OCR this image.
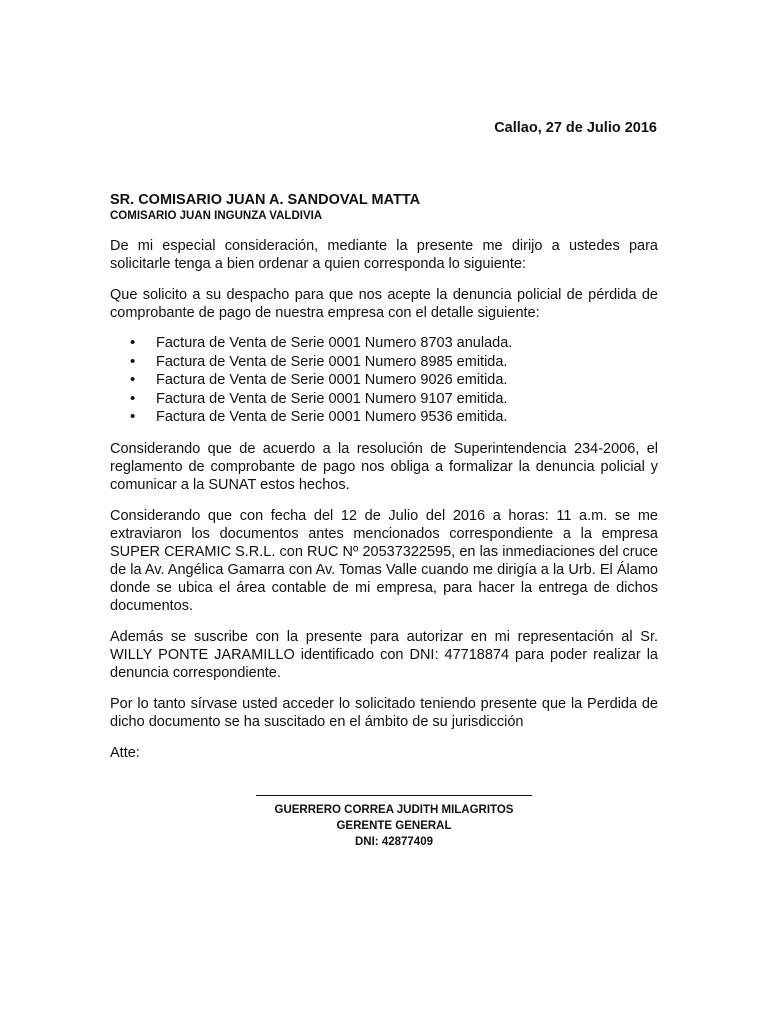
Callao, 27 de Julio 2016
SR. COMISARIO JUAN A. SANDOVAL MATTA
COMISARIO JUAN INGUNZA VALDIVIA

De mi especial consideración, mediante la presente me dirijo a ustedes para solicitarle tenga a bien ordenar a quien corresponda lo siguiente:

Que solicito a su despacho para que nos acepte la denuncia policial de pérdida de comprobante de pago de nuestra empresa con el detalle siguiente:

• Factura de Venta de Serie 0001 Numero 8703 anulada.
• Factura de Venta de Serie 0001 Numero 8985 emitida.
• Factura de Venta de Serie 0001 Numero 9026 emitida.
• Factura de Venta de Serie 0001 Numero 9107 emitida.
• Factura de Venta de Serie 0001 Numero 9536 emitida.

Considerando que de acuerdo a la resolución de Superintendencia 234-2006, el reglamento de comprobante de pago nos obliga a formalizar la denuncia policial y comunicar a la SUNAT estos hechos.

Considerando que con fecha del 12 de Julio del 2016 a horas: 11 a.m. se me extraviaron los documentos antes mencionados correspondiente a la empresa SUPER CERAMIC S.R.L. con RUC Nº 20537322595, en las inmediaciones del cruce de la Av. Angélica Gamarra con Av. Tomas Valle cuando me dirigía a la Urb. El Álamo donde se ubica el área contable de mi empresa, para hacer la entrega de dichos documentos.

Además se suscribe con la presente para autorizar en mi representación al Sr. WILLY PONTE JARAMILLO identificado con DNI: 47718874 para poder realizar la denuncia correspondiente.

Por lo tanto sírvase usted acceder lo solicitado teniendo presente que la Perdida de dicho documento se ha suscitado en el ámbito de su jurisdicción

Atte:

GUERRERO CORREA JUDITH MILAGRITOS
GERENTE GENERAL
DNI: 42877409
